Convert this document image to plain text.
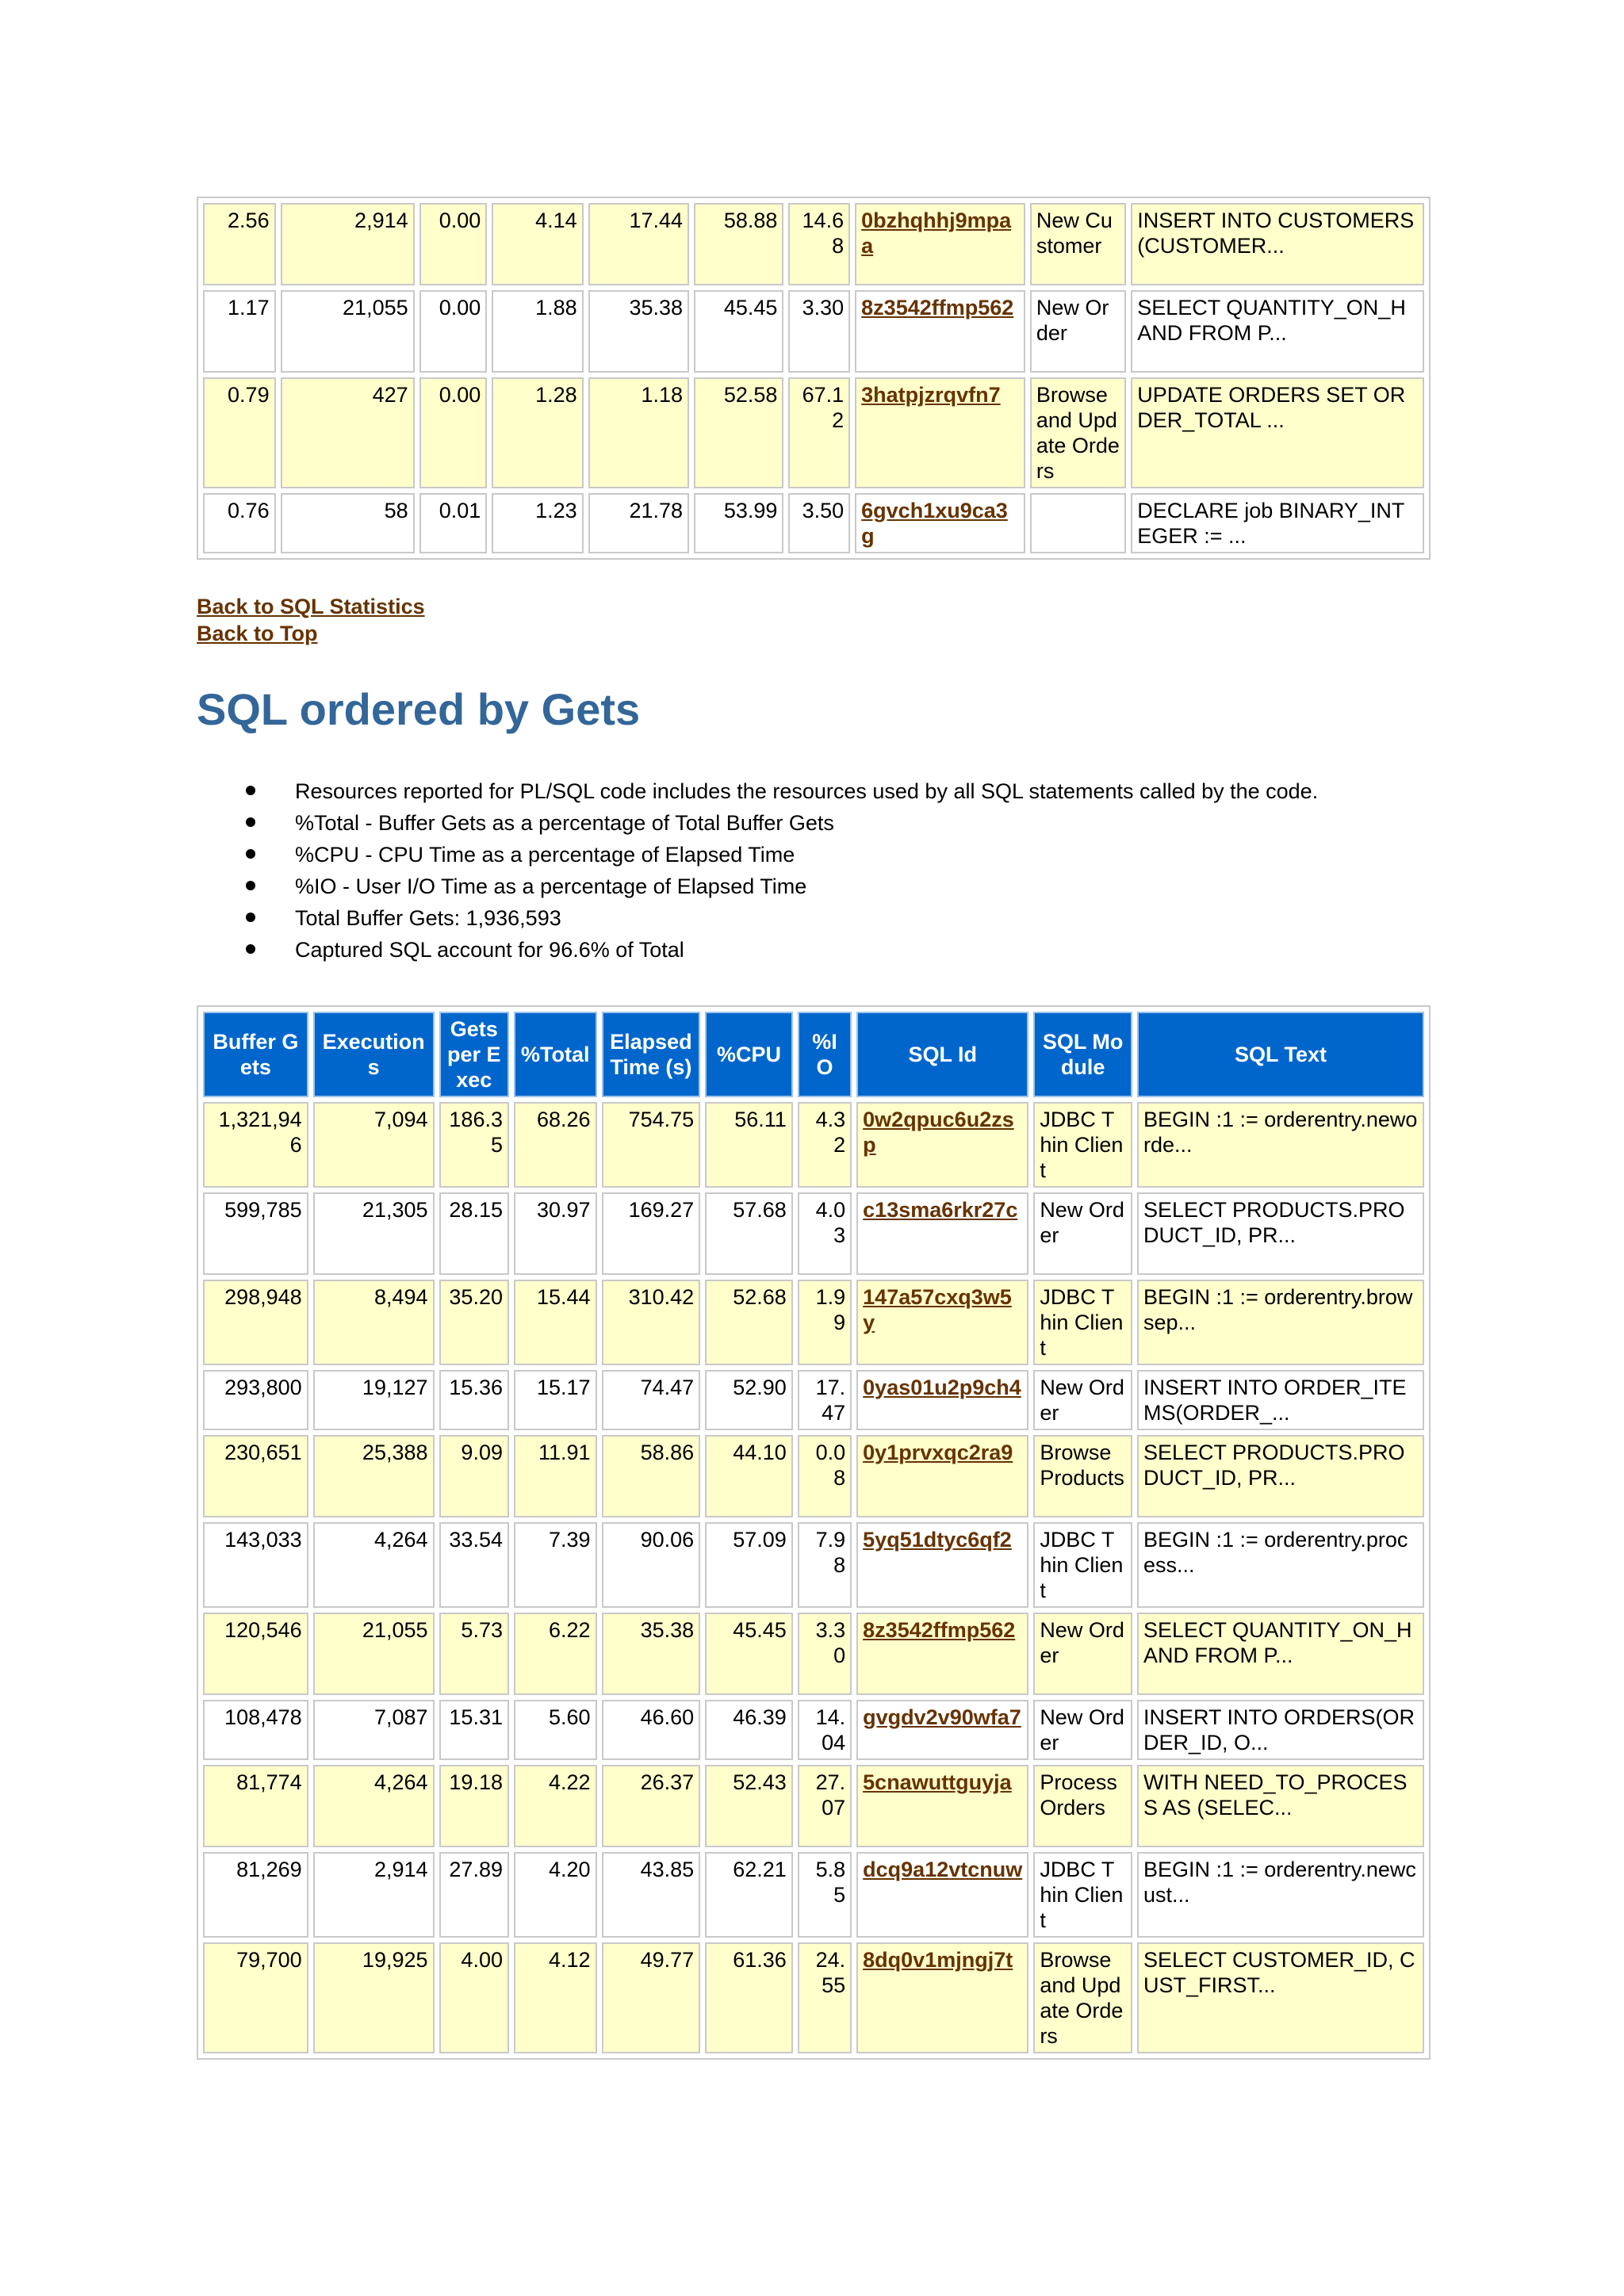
2.56	2,914	0.00	4.14	17.44	58.88	14.68	0bzhqhhj9mpaa	New Customer	INSERT INTO CUSTOMERS(CUSTOMER...
1.17	21,055	0.00	1.88	35.38	45.45	3.30	8z3542ffmp562	New Order	SELECT QUANTITY_ON_HAND FROM P...
0.79	427	0.00	1.28	1.18	52.58	67.12	3hatpjzrqvfn7	Browse and Update Orders	UPDATE ORDERS SET ORDER_TOTAL ...
0.76	58	0.01	1.23	21.78	53.99	3.50	6gvch1xu9ca3g		DECLARE job BINARY_INTEGER := ...
Back to SQL Statistics
Back to Top
SQL ordered by Gets
Resources reported for PL/SQL code includes the resources used by all SQL statements called by the code.
%Total - Buffer Gets as a percentage of Total Buffer Gets
%CPU - CPU Time as a percentage of Elapsed Time
%IO - User I/O Time as a percentage of Elapsed Time
Total Buffer Gets: 1,936,593
Captured SQL account for 96.6% of Total
Buffer Gets	Executions	Gets per Exec	%Total	Elapsed Time (s)	%CPU	%IO	SQL Id	SQL Module	SQL Text
1,321,946	7,094	186.35	68.26	754.75	56.11	4.32	0w2qpuc6u2zsp	JDBC Thin Client	BEGIN :1 := orderentry.neworde...
599,785	21,305	28.15	30.97	169.27	57.68	4.03	c13sma6rkr27c	New Order	SELECT PRODUCTS.PRODUCT_ID, PR...
298,948	8,494	35.20	15.44	310.42	52.68	1.99	147a57cxq3w5y	JDBC Thin Client	BEGIN :1 := orderentry.browsep...
293,800	19,127	15.36	15.17	74.47	52.90	17.47	0yas01u2p9ch4	New Order	INSERT INTO ORDER_ITEMS(ORDER_...
230,651	25,388	9.09	11.91	58.86	44.10	0.08	0y1prvxqc2ra9	Browse Products	SELECT PRODUCTS.PRODUCT_ID, PR...
143,033	4,264	33.54	7.39	90.06	57.09	7.98	5yq51dtyc6qf2	JDBC Thin Client	BEGIN :1 := orderentry.process...
120,546	21,055	5.73	6.22	35.38	45.45	3.30	8z3542ffmp562	New Order	SELECT QUANTITY_ON_HAND FROM P...
108,478	7,087	15.31	5.60	46.60	46.39	14.04	gvgdv2v90wfa7	New Order	INSERT INTO ORDERS(ORDER_ID, O...
81,774	4,264	19.18	4.22	26.37	52.43	27.07	5cnawuttguyja	Process Orders	WITH NEED_TO_PROCESS AS (SELEC...
81,269	2,914	27.89	4.20	43.85	62.21	5.85	dcq9a12vtcnuw	JDBC Thin Client	BEGIN :1 := orderentry.newcust...
79,700	19,925	4.00	4.12	49.77	61.36	24.55	8dq0v1mjngj7t	Browse and Update Orders	SELECT CUSTOMER_ID, CUST_FIRST...
